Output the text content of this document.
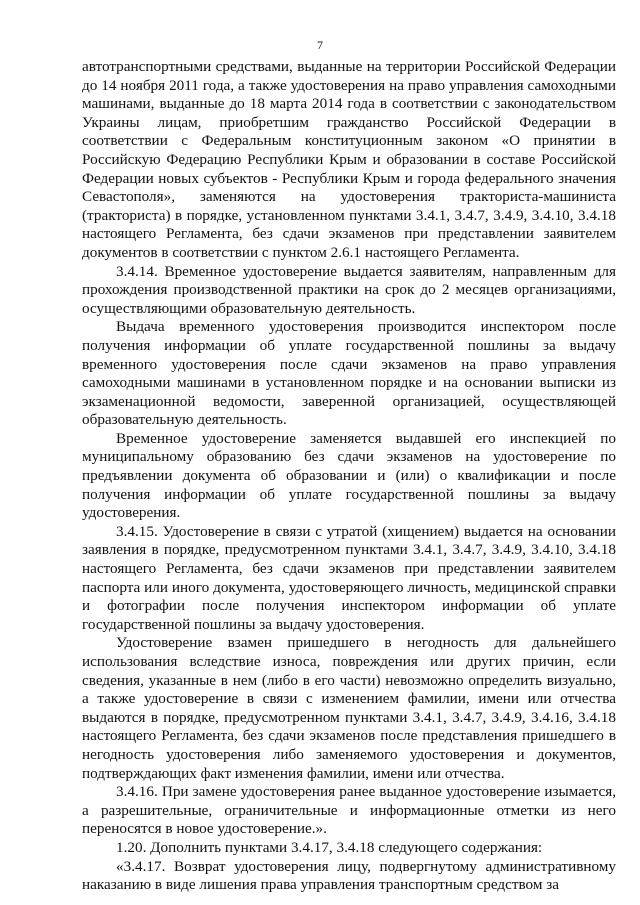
7

автотранспортными средствами, выданные на территории Российской Федерации до 14 ноября 2011 года, а также удостоверения на право управления самоходными машинами, выданные до 18 марта 2014 года в соответствии с законодательством Украины лицам, приобретшим гражданство Российской Федерации в соответствии с Федеральным конституционным законом «О принятии в Российскую Федерацию Республики Крым и образовании в составе Российской Федерации новых субъектов - Республики Крым и города федерального значения Севастополя», заменяются на удостоверения тракториста-машиниста (тракториста) в порядке, установленном пунктами 3.4.1, 3.4.7, 3.4.9, 3.4.10, 3.4.18 настоящего Регламента, без сдачи экзаменов при представлении заявителем документов в соответствии с пунктом 2.6.1 настоящего Регламента.

3.4.14. Временное удостоверение выдается заявителям, направленным для прохождения производственной практики на срок до 2 месяцев организациями, осуществляющими образовательную деятельность.

Выдача временного удостоверения производится инспектором после получения информации об уплате государственной пошлины за выдачу временного удостоверения после сдачи экзаменов на право управления самоходными машинами в установленном порядке и на основании выписки из экзаменационной ведомости, заверенной организацией, осуществляющей образовательную деятельность.

Временное удостоверение заменяется выдавшей его инспекцией по муниципальному образованию без сдачи экзаменов на удостоверение по предъявлении документа об образовании и (или) о квалификации и после получения информации об уплате государственной пошлины за выдачу удостоверения.

3.4.15. Удостоверение в связи с утратой (хищением) выдается на основании заявления в порядке, предусмотренном пунктами 3.4.1, 3.4.7, 3.4.9, 3.4.10, 3.4.18 настоящего Регламента, без сдачи экзаменов при представлении заявителем паспорта или иного документа, удостоверяющего личность, медицинской справки и фотографии после получения инспектором информации об уплате государственной пошлины за выдачу удостоверения.

Удостоверение взамен пришедшего в негодность для дальнейшего использования вследствие износа, повреждения или других причин, если сведения, указанные в нем (либо в его части) невозможно определить визуально, а также удостоверение в связи с изменением фамилии, имени или отчества выдаются в порядке, предусмотренном пунктами 3.4.1, 3.4.7, 3.4.9, 3.4.16, 3.4.18 настоящего Регламента, без сдачи экзаменов после представления пришедшего в негодность удостоверения либо заменяемого удостоверения и документов, подтверждающих факт изменения фамилии, имени или отчества.

3.4.16. При замене удостоверения ранее выданное удостоверение изымается, а разрешительные, ограничительные и информационные отметки из него переносятся в новое удостоверение.».

1.20. Дополнить пунктами 3.4.17, 3.4.18 следующего содержания:

«3.4.17. Возврат удостоверения лицу, подвергнутому административному наказанию в виде лишения права управления транспортным средством за
